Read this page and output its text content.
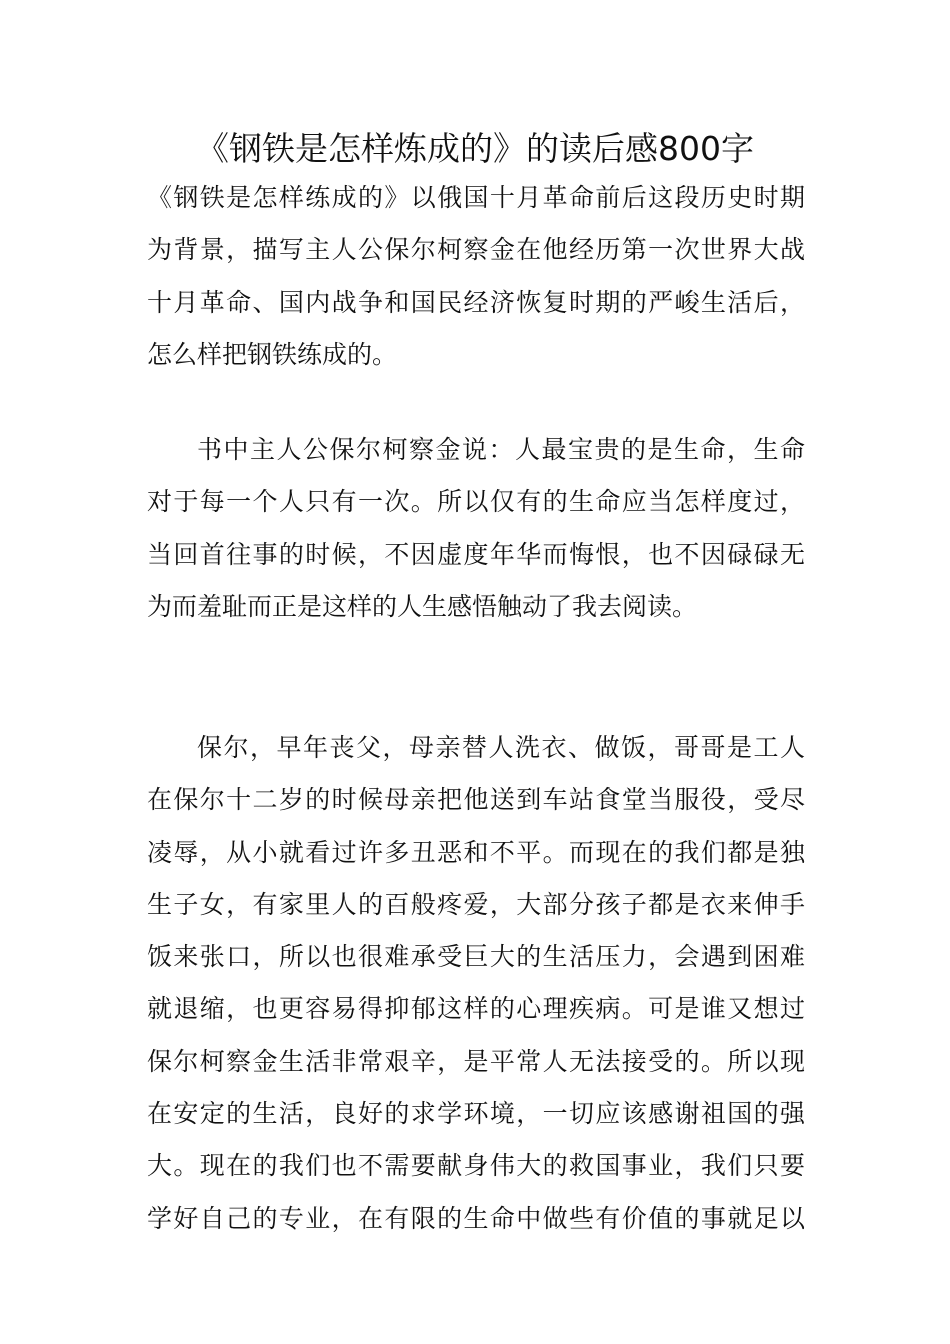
《钢铁是怎样炼成的》的读后感800字
《钢铁是怎样练成的》以俄国十月革命前后这段历史时期
为背景，描写主人公保尔柯察金在他经历第一次世界大战
十月革命、国内战争和国民经济恢复时期的严峻生活后，
怎么样把钢铁练成的。
书中主人公保尔柯察金说：人最宝贵的是生命，生命
对于每一个人只有一次。所以仅有的生命应当怎样度过，
当回首往事的时候，不因虚度年华而悔恨，也不因碌碌无
为而羞耻而正是这样的人生感悟触动了我去阅读。
保尔，早年丧父，母亲替人洗衣、做饭，哥哥是工人
在保尔十二岁的时候母亲把他送到车站食堂当服役，受尽
凌辱，从小就看过许多丑恶和不平。而现在的我们都是独
生子女，有家里人的百般疼爱，大部分孩子都是衣来伸手
饭来张口，所以也很难承受巨大的生活压力，会遇到困难
就退缩，也更容易得抑郁这样的心理疾病。可是谁又想过
保尔柯察金生活非常艰辛，是平常人无法接受的。所以现
在安定的生活，良好的求学环境，一切应该感谢祖国的强
大。现在的我们也不需要献身伟大的救国事业，我们只要
学好自己的专业，在有限的生命中做些有价值的事就足以
